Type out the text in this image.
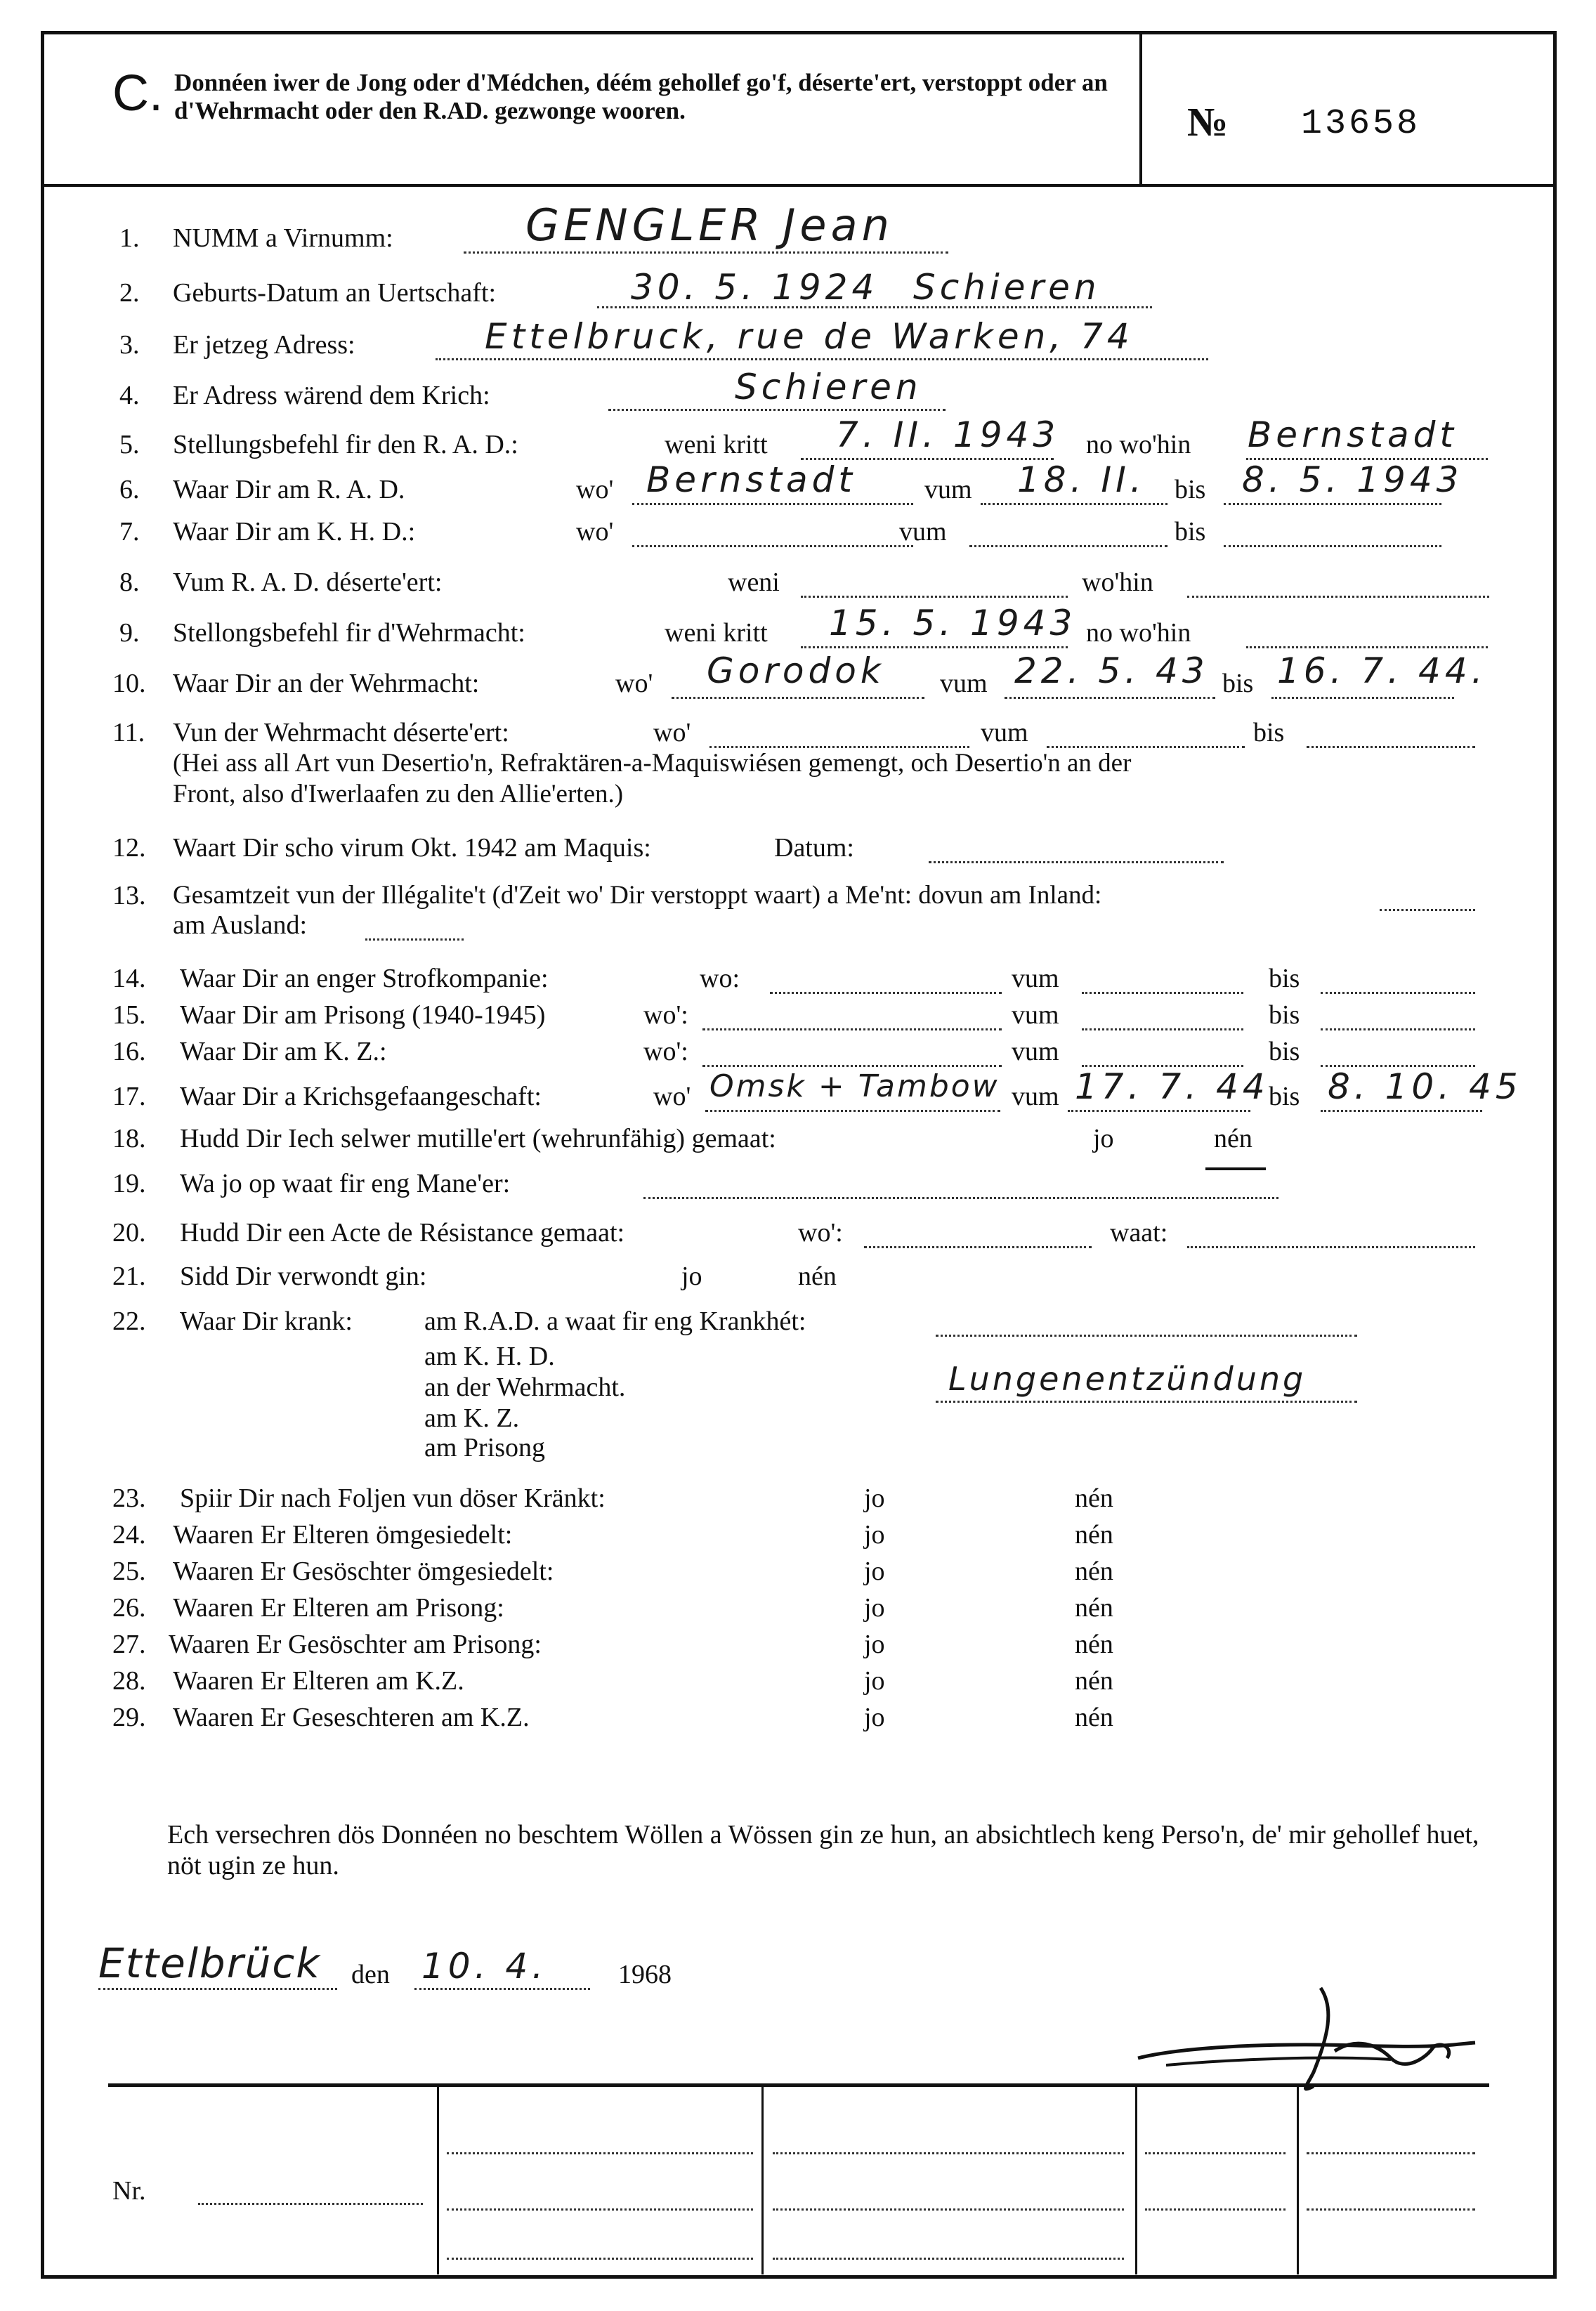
C. Donnéen iwer de Jong oder d'Médchen, déém gehollef go'f, déserte'ert, verstoppt oder an d'Wehrmacht oder den R.AD. gezwonge wooren.	№ 13658
1. NUMM a Virnumm:	GENGLER Jean
2. Geburts-Datum an Uertschaft:	30. 5. 1924 Schieren
3. Er jetzeg Adress:	Ettelbruck, rue de Warken, 74
4. Er Adress wärend dem Krich:	Schieren
5. Stellungsbefehl fir den R. A. D.:	weni kritt 7. II. 1943 no wo'hin Bernstadt
6. Waar Dir am R. A. D.	wo' Bernstadt	vum 18. II. bis 8. 5. 1943
7. Waar Dir am K. H. D.:	wo'	vum	bis
8. Vum R. A. D. déserte'ert:	weni	wo'hin
9. Stellongsbefehl fir d'Wehrmacht:	weni kritt 15. 5. 1943 no wo'hin
10. Waar Dir an der Wehrmacht:	wo' Gorodok vum 22. 5. 43 bis 16. 7. 44.
11. Vun der Wehrmacht déserte'ert:	wo'	vum	bis
(Hei ass all Art vun Desertio'n, Refraktären-a-Maquiswiésen gemengt, och Desertio'n an der
Front, also d'Iwerlaafen zu den Allie'erten.)
12. Waart Dir scho virum Okt. 1942 am Maquis:	Datum:
13. Gesamtzeit vun der Illégalite't (d'Zeit wo' Dir verstoppt waart) a Me'nt: dovun am Inland:
am Ausland:
14. Waar Dir an enger Strofkompanie:	wo:	vum	bis
15. Waar Dir am Prisong (1940-1945)	wo':	vum	bis
16. Waar Dir am K. Z.:	wo':	vum	bis
17. Waar Dir a Krichsgefaangeschaft:	wo' Omsk + Tambow vum 17. 7. 44 bis 8. 10. 45
18. Hudd Dir Iech selwer mutille'ert (wehrunfähig) gemaat:	jo	nén
19. Wa jo op waat fir eng Mane'er:
20. Hudd Dir een Acte de Résistance gemaat:	wo':	waat:
21. Sidd Dir verwondt gin:	jo	nén
22. Waar Dir krank:	am R.A.D. a waat fir eng Krankhét:
am K. H. D.
an der Wehrmacht.	Lungenentzündung
am K. Z.
am Prisong
23. Spiir Dir nach Foljen vun döser Kränkt:	jo	nén
24. Waaren Er Elteren ömgesiedelt:	jo	nén
25. Waaren Er Gesöschter ömgesiedelt:	jo	nén
26. Waaren Er Elteren am Prisong:	jo	nén
27. Waaren Er Gesöschter am Prisong:	jo	nén
28. Waaren Er Elteren am K.Z.	jo	nén
29. Waaren Er Geseschteren am K.Z.	jo	nén
Ech versechren dös Donnéen no beschtem Wöllen a Wössen gin ze hun, an absichtlech keng Perso'n, de' mir gehollef huet, nöt ugin ze hun.
Ettelbrück den 10. 4.	1968
Nr.
